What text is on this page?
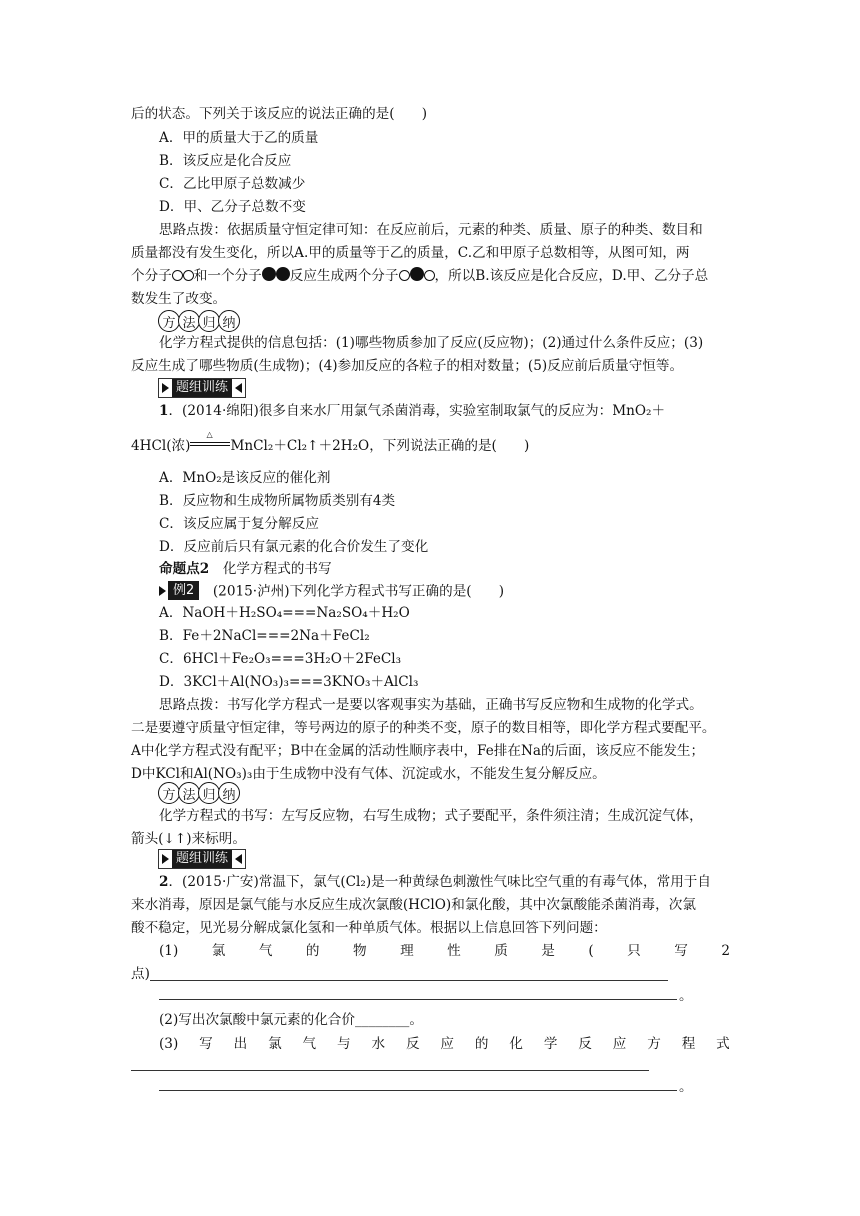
后的状态。下列关于该反应的说法正确的是(　　)
A．甲的质量大于乙的质量
B．该反应是化合反应
C．乙比甲原子总数减少
D．甲、乙分子总数不变
思路点拨：依据质量守恒定律可知：在反应前后，元素的种类、质量、原子的种类、数目和
质量都没有发生变化，所以A.甲的质量等于乙的质量，C.乙和甲原子总数相等，从图可知，两
个分子 和一个分子 反应生成两个分子	，所以B.该反应是化合反应，D.甲、乙分子总
数发生了改变。
方 法 归 纳
化学方程式提供的信息包括：(1)哪些物质参加了反应(反应物)；(2)通过什么条件反应；(3)
反应生成了哪些物质(生成物)；(4)参加反应的各粒子的相对数量；(5)反应前后质量守恒等。
题组训练
1．(2014·绵阳)很多自来水厂用氯气杀菌消毒，实验室制取氯气的反应为：MnO₂＋
4HCl(浓)
△
MnCl₂＋Cl₂↑＋2H₂O，下列说法正确的是(　　)
A．MnO₂是该反应的催化剂
B．反应物和生成物所属物质类别有4类
C．该反应属于复分解反应
D．反应前后只有氯元素的化合价发生了变化
命题点2　 化学方程式的书写
例2
　	(2015·泸州)下列化学方程式书写正确的是(　　)
A．NaOH＋H₂SO₄===Na₂SO₄＋H₂O
B．Fe＋2NaCl===2Na＋FeCl₂
C．6HCl＋Fe₂O₃===3H₂O＋2FeCl₃
D．3KCl＋Al(NO₃)₃===3KNO₃＋AlCl₃
思路点拨：书写化学方程式一是要以客观事实为基础，正确书写反应物和生成物的化学式。
二是要遵守质量守恒定律，等号两边的原子的种类不变，原子的数目相等，即化学方程式要配平。
A中化学方程式没有配平；B中在金属的活动性顺序表中，Fe排在Na的后面，该反应不能发生；
D中KCl和Al(NO₃)₃由于生成物中没有气体、沉淀或水，不能发生复分解反应。
方 法 归 纳
化学方程式的书写：左写反应物，右写生成物；式子要配平，条件须注清；生成沉淀气体，
箭头(↓↑)来标明。
题组训练
2．(2015·广安)常温下，氯气(Cl₂)是一种黄绿色刺激性气味比空气重的有毒气体，常用于自
来水消毒，原因是氯气能与水反应生成次氯酸(HClO)和氯化酸，其中次氯酸能杀菌消毒，次氯
酸不稳定，见光易分解成氯化氢和一种单质气体。根据以上信息回答下列问题：
(1) 氯 气 的 物 理 性 质 是 ( 只 写 2
点)
。
(2)写出次氯酸中氯元素的化合价________。
(3) 写 出 氯 气 与 水 反 应 的 化 学 反 应 方 程 式
。
